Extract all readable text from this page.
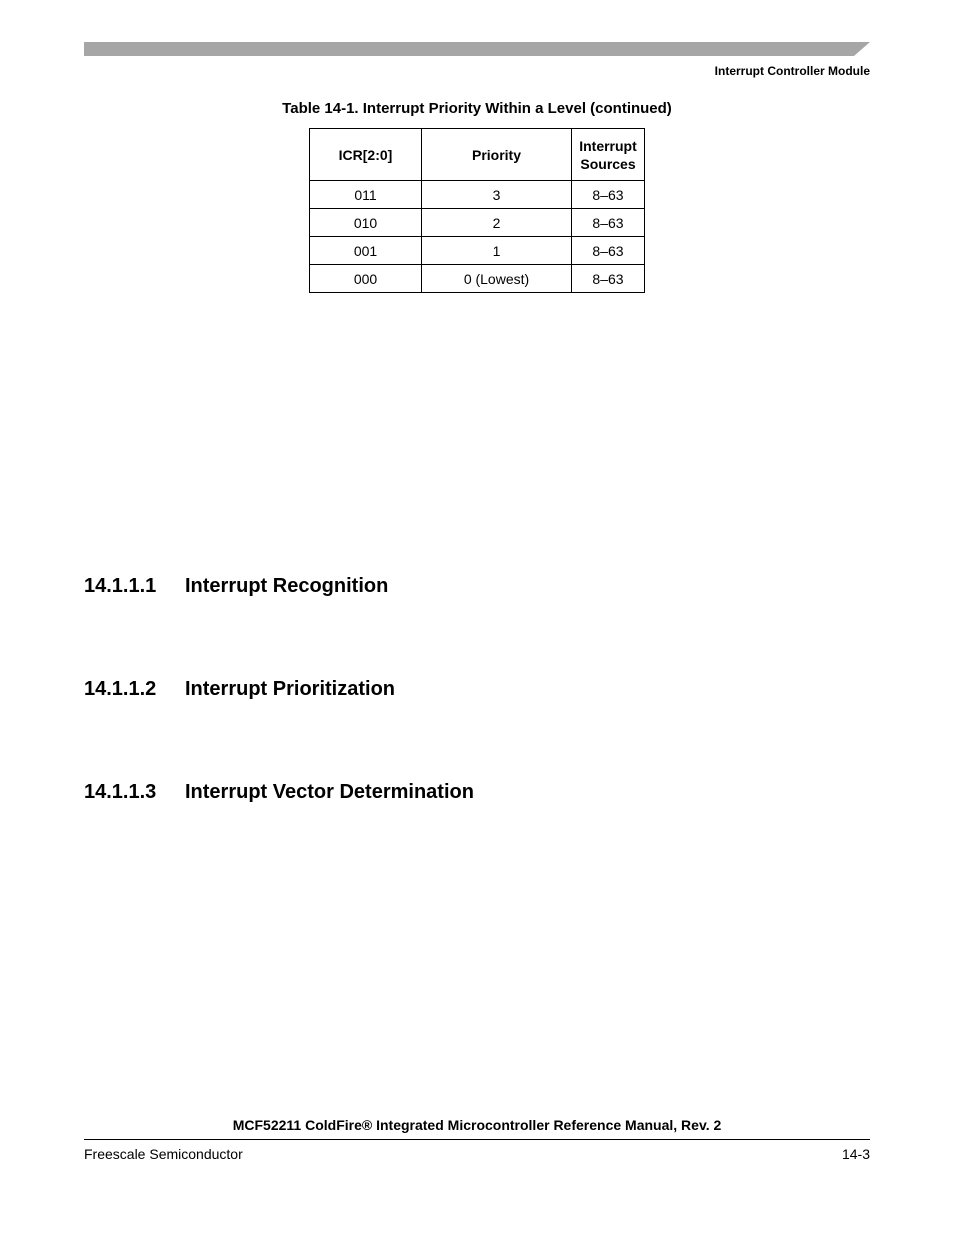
Interrupt Controller Module
Table 14-1. Interrupt Priority Within a Level (continued)
ICR[2:0]	Priority	Interrupt Sources
011	3	8–63
010	2	8–63
001	1	8–63
000	0 (Lowest)	8–63
14.1.1.1 Interrupt Recognition
14.1.1.2 Interrupt Prioritization
14.1.1.3 Interrupt Vector Determination
MCF52211 ColdFire® Integrated Microcontroller Reference Manual, Rev. 2
Freescale Semiconductor	14-3
